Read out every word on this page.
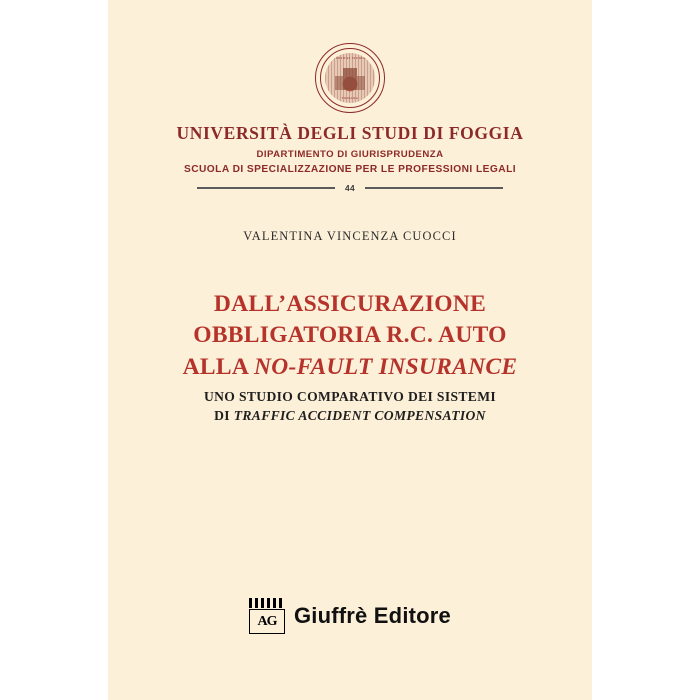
UNIVERSITAS STUDIORUM
FODIANA
UNIVERSITÀ DEGLI STUDI DI FOGGIA
DIPARTIMENTO DI GIURISPRUDENZA
SCUOLA DI SPECIALIZZAZIONE PER LE PROFESSIONI LEGALI
44
VALENTINA VINCENZA CUOCCI
DALL’ASSICURAZIONE
OBBLIGATORIA R.C. AUTO
ALLA NO-FAULT INSURANCE
UNO STUDIO COMPARATIVO DEI SISTEMI
DI TRAFFIC ACCIDENT COMPENSATION
AG Giuffrè Editore
